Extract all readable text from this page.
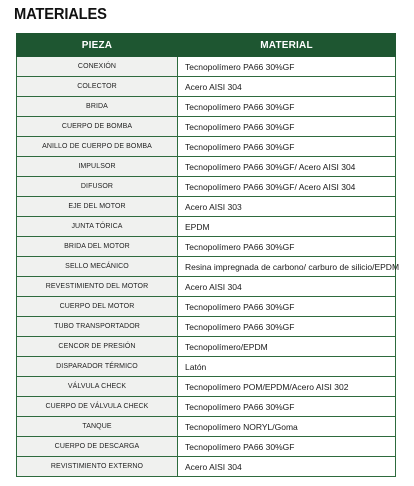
MATERIALES
PIEZA	MATERIAL
CONEXIÓN	Tecnopolímero PA66 30%GF
COLECTOR	Acero AISI 304
BRIDA	Tecnopolímero PA66 30%GF
CUERPO DE BOMBA	Tecnopolímero PA66 30%GF
ANILLO DE CUERPO DE BOMBA	Tecnopolímero PA66 30%GF
IMPULSOR	Tecnopolímero PA66 30%GF/ Acero AISI 304
DIFUSOR	Tecnopolímero PA66 30%GF/ Acero AISI 304
EJE DEL MOTOR	Acero AISI 303
JUNTA TÓRICA	EPDM
BRIDA DEL MOTOR	Tecnopolímero PA66 30%GF
SELLO MECÁNICO	Resina impregnada de carbono/ carburo de silicio/EPDM
REVESTIMIENTO DEL MOTOR	Acero AISI 304
CUERPO DEL MOTOR	Tecnopolímero PA66 30%GF
TUBO TRANSPORTADOR	Tecnopolímero PA66 30%GF
CENCOR DE PRESIÓN	Tecnopolímero/EPDM
DISPARADOR TÉRMICO	Latón
VÁLVULA CHECK	Tecnopolímero POM/EPDM/Acero AISI 302
CUERPO DE VÁLVULA CHECK	Tecnopolímero PA66 30%GF
TANQUE	Tecnopolímero NORYL/Goma
CUERPO DE DESCARGA	Tecnopolímero PA66 30%GF
REVISTIMIENTO EXTERNO	Acero AISI 304
